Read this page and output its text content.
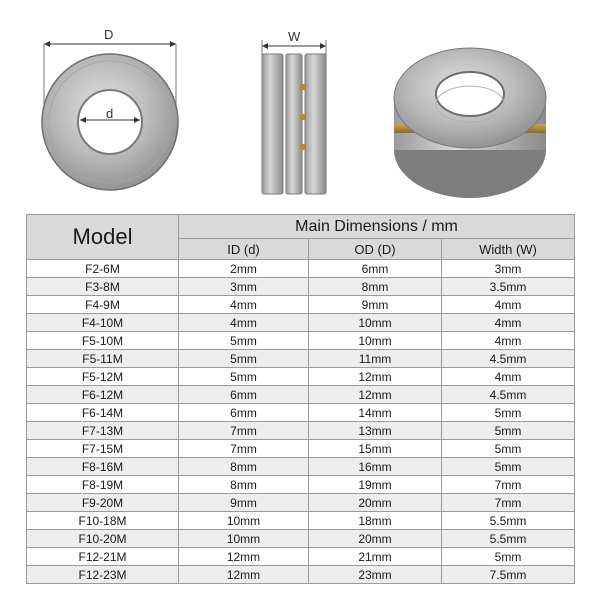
D
d
W
Model	Main Dimensions / mm		
	ID (d)	OD (D)	Width (W)
F2-6M	2mm	6mm	3mm
F3-8M	3mm	8mm	3.5mm
F4-9M	4mm	9mm	4mm
F4-10M	4mm	10mm	4mm
F5-10M	5mm	10mm	4mm
F5-11M	5mm	11mm	4.5mm
F5-12M	5mm	12mm	4mm
F6-12M	6mm	12mm	4.5mm
F6-14M	6mm	14mm	5mm
F7-13M	7mm	13mm	5mm
F7-15M	7mm	15mm	5mm
F8-16M	8mm	16mm	5mm
F8-19M	8mm	19mm	7mm
F9-20M	9mm	20mm	7mm
F10-18M	10mm	18mm	5.5mm
F10-20M	10mm	20mm	5.5mm
F12-21M	12mm	21mm	5mm
F12-23M	12mm	23mm	7.5mm
